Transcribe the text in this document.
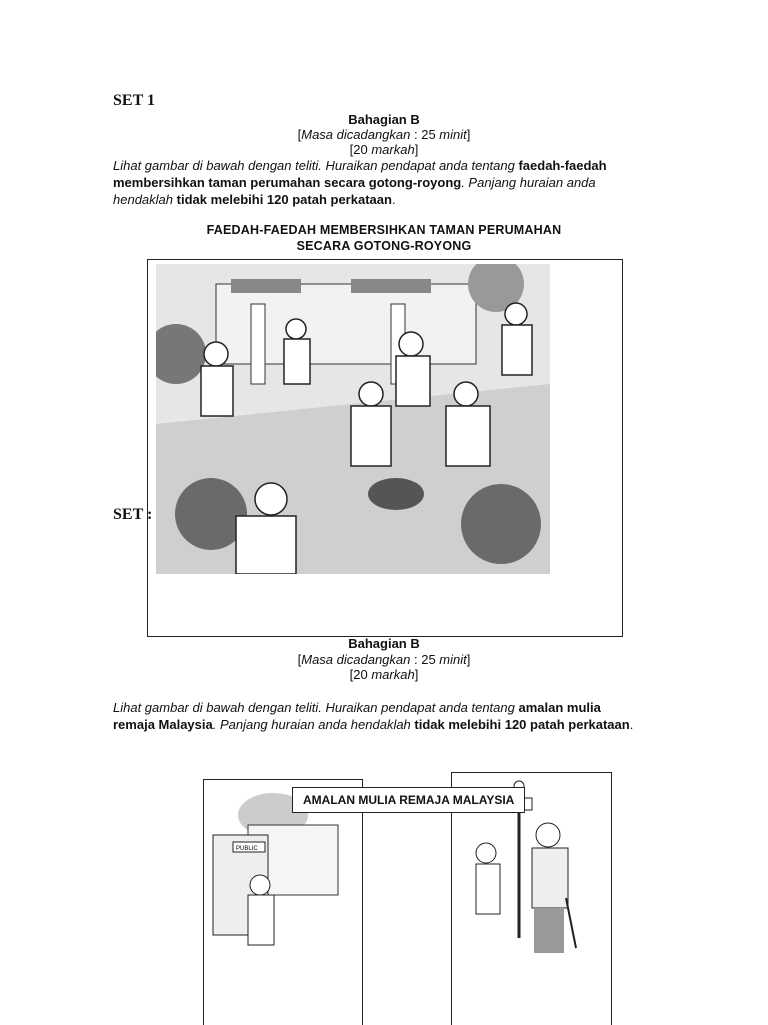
SET 1
Bahagian B
[Masa dicadangkan : 25 minit]
[20 markah]
Lihat gambar di bawah dengan teliti. Huraikan pendapat anda tentang faedah-faedah membersihkan taman perumahan secara gotong-royong. Panjang huraian anda hendaklah tidak melebihi 120 patah perkataan.
FAEDAH-FAEDAH MEMBERSIHKAN TAMAN PERUMAHAN
SECARA GOTONG-ROYONG
SET :
Bahagian B
[Masa dicadangkan : 25 minit]
[20 markah]
Lihat gambar di bawah dengan teliti. Huraikan pendapat anda tentang amalan mulia remaja Malaysia. Panjang huraian anda hendaklah tidak melebihi 120 patah perkataan.
PUBLIC
AMALAN MULIA REMAJA MALAYSIA
